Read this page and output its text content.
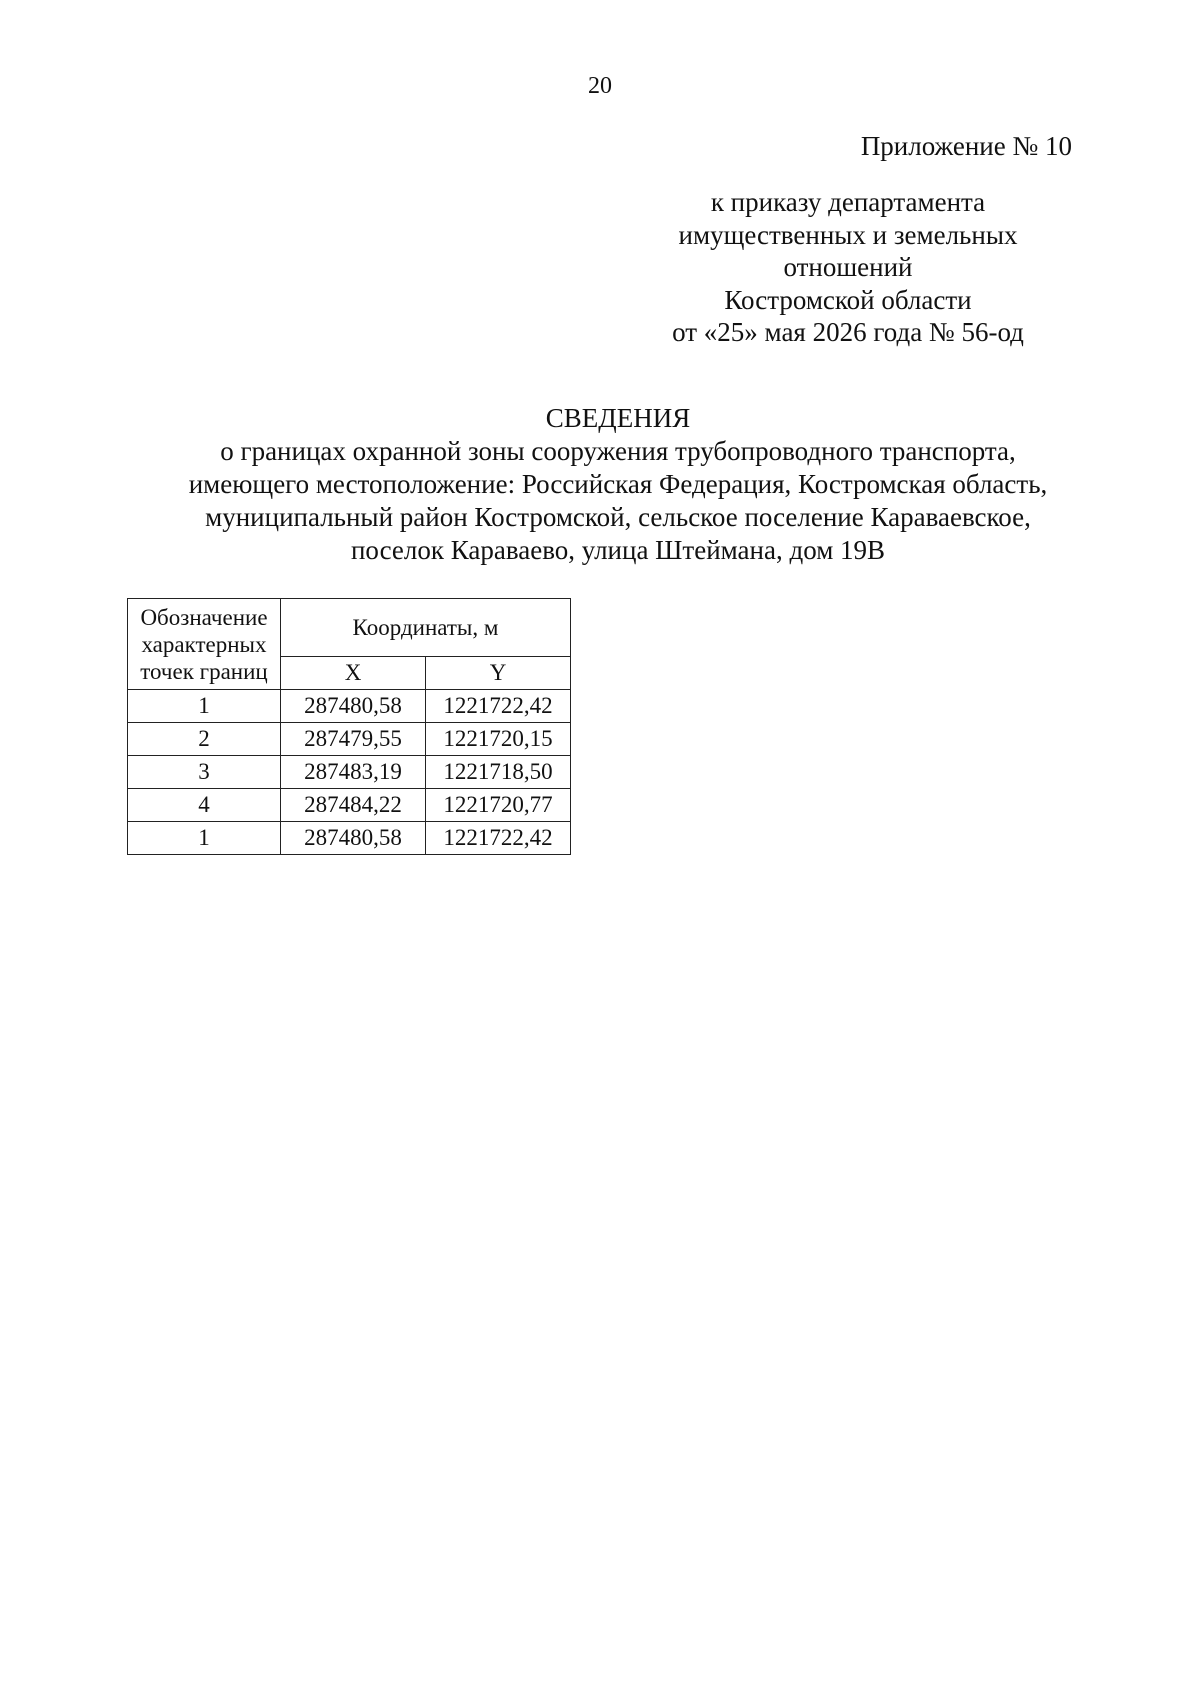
20
Приложение № 10
к приказу департамента
имущественных и земельных
отношений
Костромской области
от «25» мая 2026 года № 56-од
СВЕДЕНИЯ
о границах охранной зоны сооружения трубопроводного транспорта,
имеющего местоположение: Российская Федерация, Костромская область,
муниципальный район Костромской, сельское поселение Караваевское,
поселок Караваево, улица Штеймана, дом 19В
Обозначение
характерных
точек границ	Координаты, м	
	X	Y
1	287480,58	1221722,42
2	287479,55	1221720,15
3	287483,19	1221718,50
4	287484,22	1221720,77
1	287480,58	1221722,42
